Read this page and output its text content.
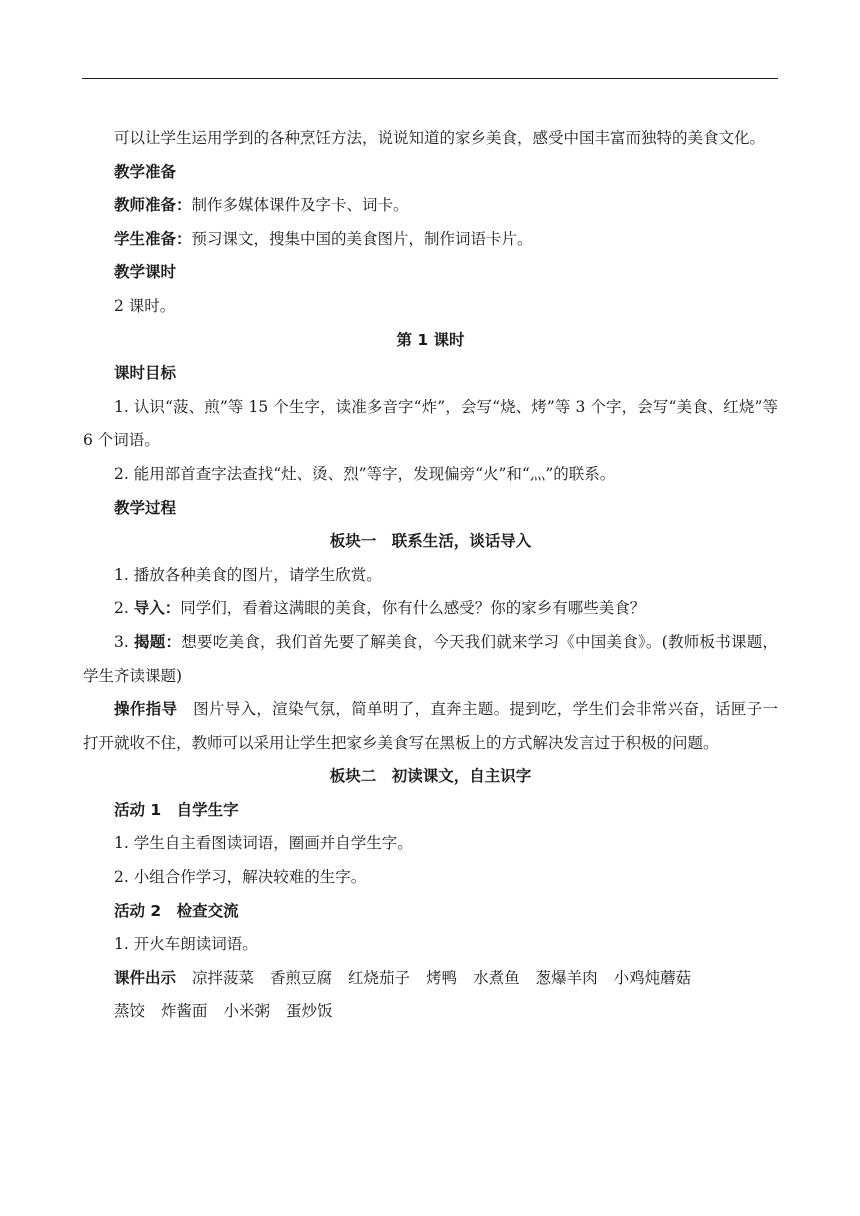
可以让学生运用学到的各种烹饪方法，说说知道的家乡美食，感受中国丰富而独特的美食文化。

教学准备

教师准备：制作多媒体课件及字卡、词卡。

学生准备：预习课文，搜集中国的美食图片，制作词语卡片。

教学课时

2 课时。

第 1 课时

课时目标

1. 认识“菠、煎”等 15 个生字，读准多音字“炸”，会写“烧、烤”等 3 个字，会写“美食、红烧”等 6 个词语。

2. 能用部首查字法查找“灶、烫、烈”等字，发现偏旁“火”和“灬”的联系。

教学过程

板块一　联系生活，谈话导入

1. 播放各种美食的图片，请学生欣赏。

2. 导入：同学们，看着这满眼的美食，你有什么感受？你的家乡有哪些美食？

3. 揭题：想要吃美食，我们首先要了解美食，今天我们就来学习《中国美食》。(教师板书课题，学生齐读课题)

操作指导　图片导入，渲染气氛，简单明了，直奔主题。提到吃，学生们会非常兴奋，话匣子一打开就收不住，教师可以采用让学生把家乡美食写在黑板上的方式解决发言过于积极的问题。

板块二　初读课文，自主识字

活动 1　自学生字

1. 学生自主看图读词语，圈画并自学生字。

2. 小组合作学习，解决较难的生字。

活动 2　检查交流

1. 开火车朗读词语。

课件出示 凉拌菠菜 香煎豆腐 红烧茄子 烤鸭 水煮鱼 葱爆羊肉 小鸡炖蘑菇

蒸饺 炸酱面 小米粥 蛋炒饭
